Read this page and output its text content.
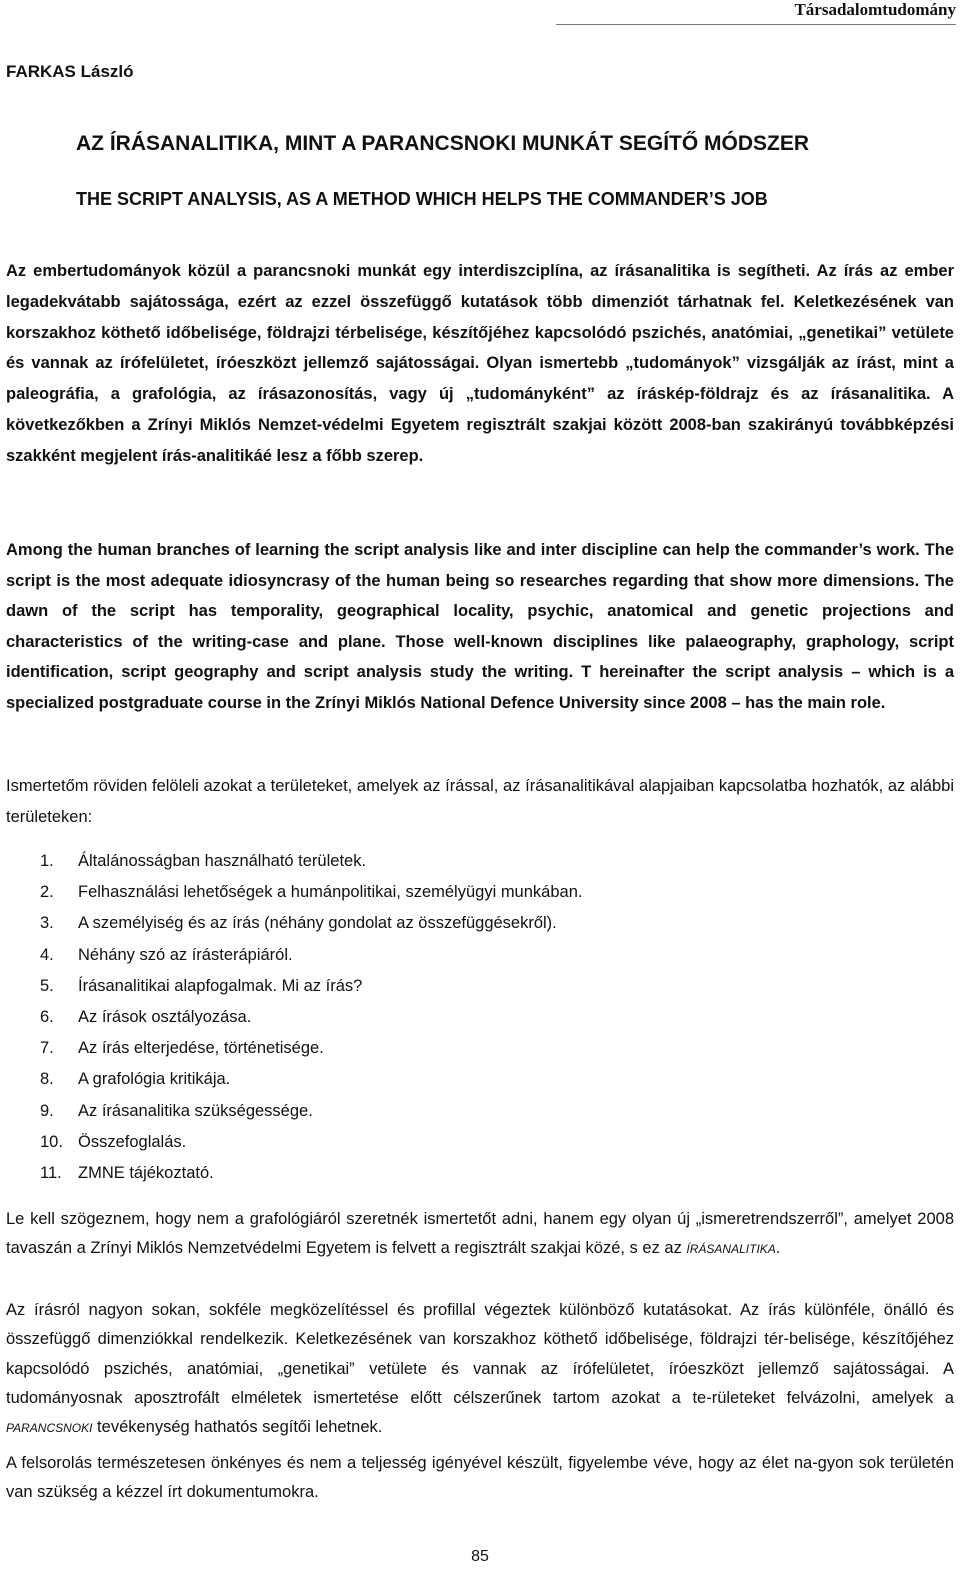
Társadalomtudomány
FARKAS László
AZ ÍRÁSANALITIKA, MINT A PARANCSNOKI MUNKÁT SEGÍTŐ MÓDSZER
THE SCRIPT ANALYSIS, AS A METHOD WHICH HELPS THE COMMANDER’S JOB
Az embertudományok közül a parancsnoki munkát egy interdiszciplína, az írásanalitika is segítheti. Az írás az ember legadekvátabb sajátossága, ezért az ezzel összefüggő kutatások több dimenziót tárhatnak fel. Keletkezésének van korszakhoz köthető időbelisége, földrajzi térbelisége, készítőjéhez kapcsolódó pszichés, anatómiai, „genetikai” vetülete és vannak az írófelületet, íróeszközt jellemző sajátosságai. Olyan ismertebb „tudományok” vizsgálják az írást, mint a paleográfia, a grafológia, az írásazonosítás, vagy új „tudományként” az íráskép-földrajz és az írásanalitika. A következőkben a Zrínyi Miklós Nemzet-védelmi Egyetem regisztrált szakjai között 2008-ban szakirányú továbbképzési szakként megjelent írás-analitikáé lesz a főbb szerep.
Among the human branches of learning the script analysis like and inter discipline can help the commander’s work. The script is the most adequate idiosyncrasy of the human being so researches regarding that show more dimensions. The dawn of the script has temporality, geographical locality, psychic, anatomical and genetic projections and characteristics of the writing-case and plane. Those well-known disciplines like palaeography, graphology, script identification, script geography and script analysis study the writing. T hereinafter the script analysis – which is a specialized postgraduate course in the Zrínyi Miklós National Defence University since 2008 – has the main role.
Ismertetőm röviden felöleli azokat a területeket, amelyek az írással, az írásanalitikával alapjaiban kapcsolatba hozhatók, az alábbi területeken:
1. Általánosságban használható területek.
2. Felhasználási lehetőségek a humánpolitikai, személyügyi munkában.
3. A személyiség és az írás (néhány gondolat az összefüggésekről).
4. Néhány szó az írásterápiáról.
5. Írásanalitikai alapfogalmak. Mi az írás?
6. Az írások osztályozása.
7. Az írás elterjedése, történetisége.
8. A grafológia kritikája.
9. Az írásanalitika szükségessége.
10. Összefoglalás.
11. ZMNE tájékoztató.
Le kell szögeznem, hogy nem a grafológiáról szeretnék ismertetőt adni, hanem egy olyan új „ismeretrendszerről”, amelyet 2008 tavaszán a Zrínyi Miklós Nemzetvédelmi Egyetem is felvett a regisztrált szakjai közé, s ez az ÍRÁSANALITIKA.
Az írásról nagyon sokan, sokféle megközelítéssel és profillal végeztek különböző kutatásokat. Az írás különféle, önálló és összefüggő dimenziókkal rendelkezik. Keletkezésének van korszakhoz köthető időbelisége, földrajzi tér-belisége, készítőjéhez kapcsolódó pszichés, anatómiai, „genetikai” vetülete és vannak az írófelületet, íróeszközt jellemző sajátosságai. A tudományosnak aposztrofált elméletek ismertetése előtt célszerűnek tartom azokat a te-rületeket felvázolni, amelyek a PARANCSNOKI tevékenység hathatós segítői lehetnek.
A felsorolás természetesen önkényes és nem a teljesség igényével készült, figyelembe véve, hogy az élet na-gyon sok területén van szükség a kézzel írt dokumentumokra.
85
